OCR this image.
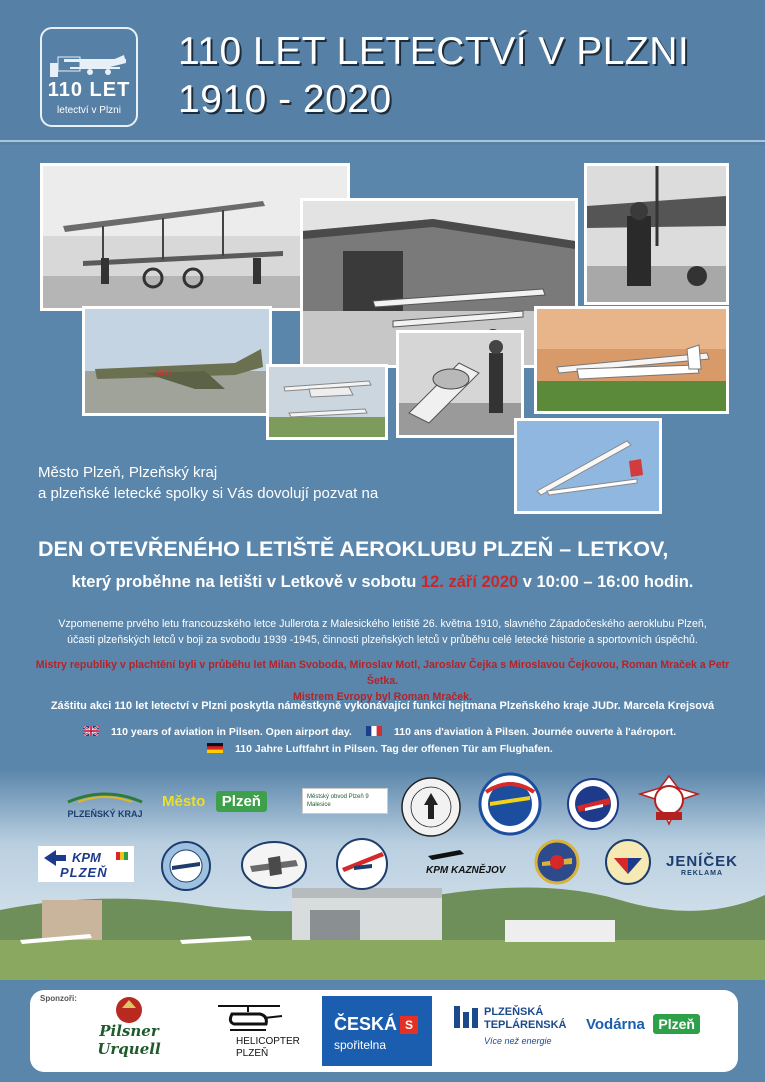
110 LET
letectví v Plzni
110 LET LETECTVÍ V PLZNI
1910 - 2020
5917
Město Plzeň, Plzeňský kraj
a plzeňské letecké spolky si Vás dovolují pozvat na
DEN OTEVŘENÉHO LETIŠTĚ AEROKLUBU PLZEŇ – LETKOV,
který proběhne na letišti v Letkově v sobotu 12. září 2020 v 10:00 – 16:00 hodin.
Vzpomeneme prvého letu francouzského letce Jullerota z Malesického letiště 26. května 1910, slavného Západočeského aeroklubu Plzeň,
účasti plzeňských letců v boji za svobodu 1939 -1945, činnosti plzeňských letců v průběhu celé letecké historie a sportovních úspěchů.
Mistry republiky v plachtění byli v průběhu let Milan Svoboda, Miroslav Motl, Jaroslav Čejka s Miroslavou Čejkovou, Roman Mraček a Petr Šetka.
Mistrem Evropy byl Roman Mraček.
Záštitu akci 110 let letectví v Plzni poskytla náměstkyně vykonávající funkci hejtmana Plzeňského kraje JUDr. Marcela Krejsová
110 years of aviation in Pilsen. Open airport day.	110 ans d'aviation à Pilsen. Journée ouverte à l'aéroport.
110 Jahre Luftfahrt in Pilsen. Tag der offenen Tür am Flughafen.
PLZEŇSKÝ KRAJ
Město Plzeň	Městský obvod Plzeň 9 Malesice
KPM
PLZEŇ	KPM KAZNĚJOV
JENÍČEK
REKLAMA
Sponzoři:
Pilsner Urquell	HELICOPTER
PLZEŇ
ČESKÁ S
spořitelna
PLZEŇSKÁ
TEPLÁRENSKÁ
Více než energie
Vodárna Plzeň
